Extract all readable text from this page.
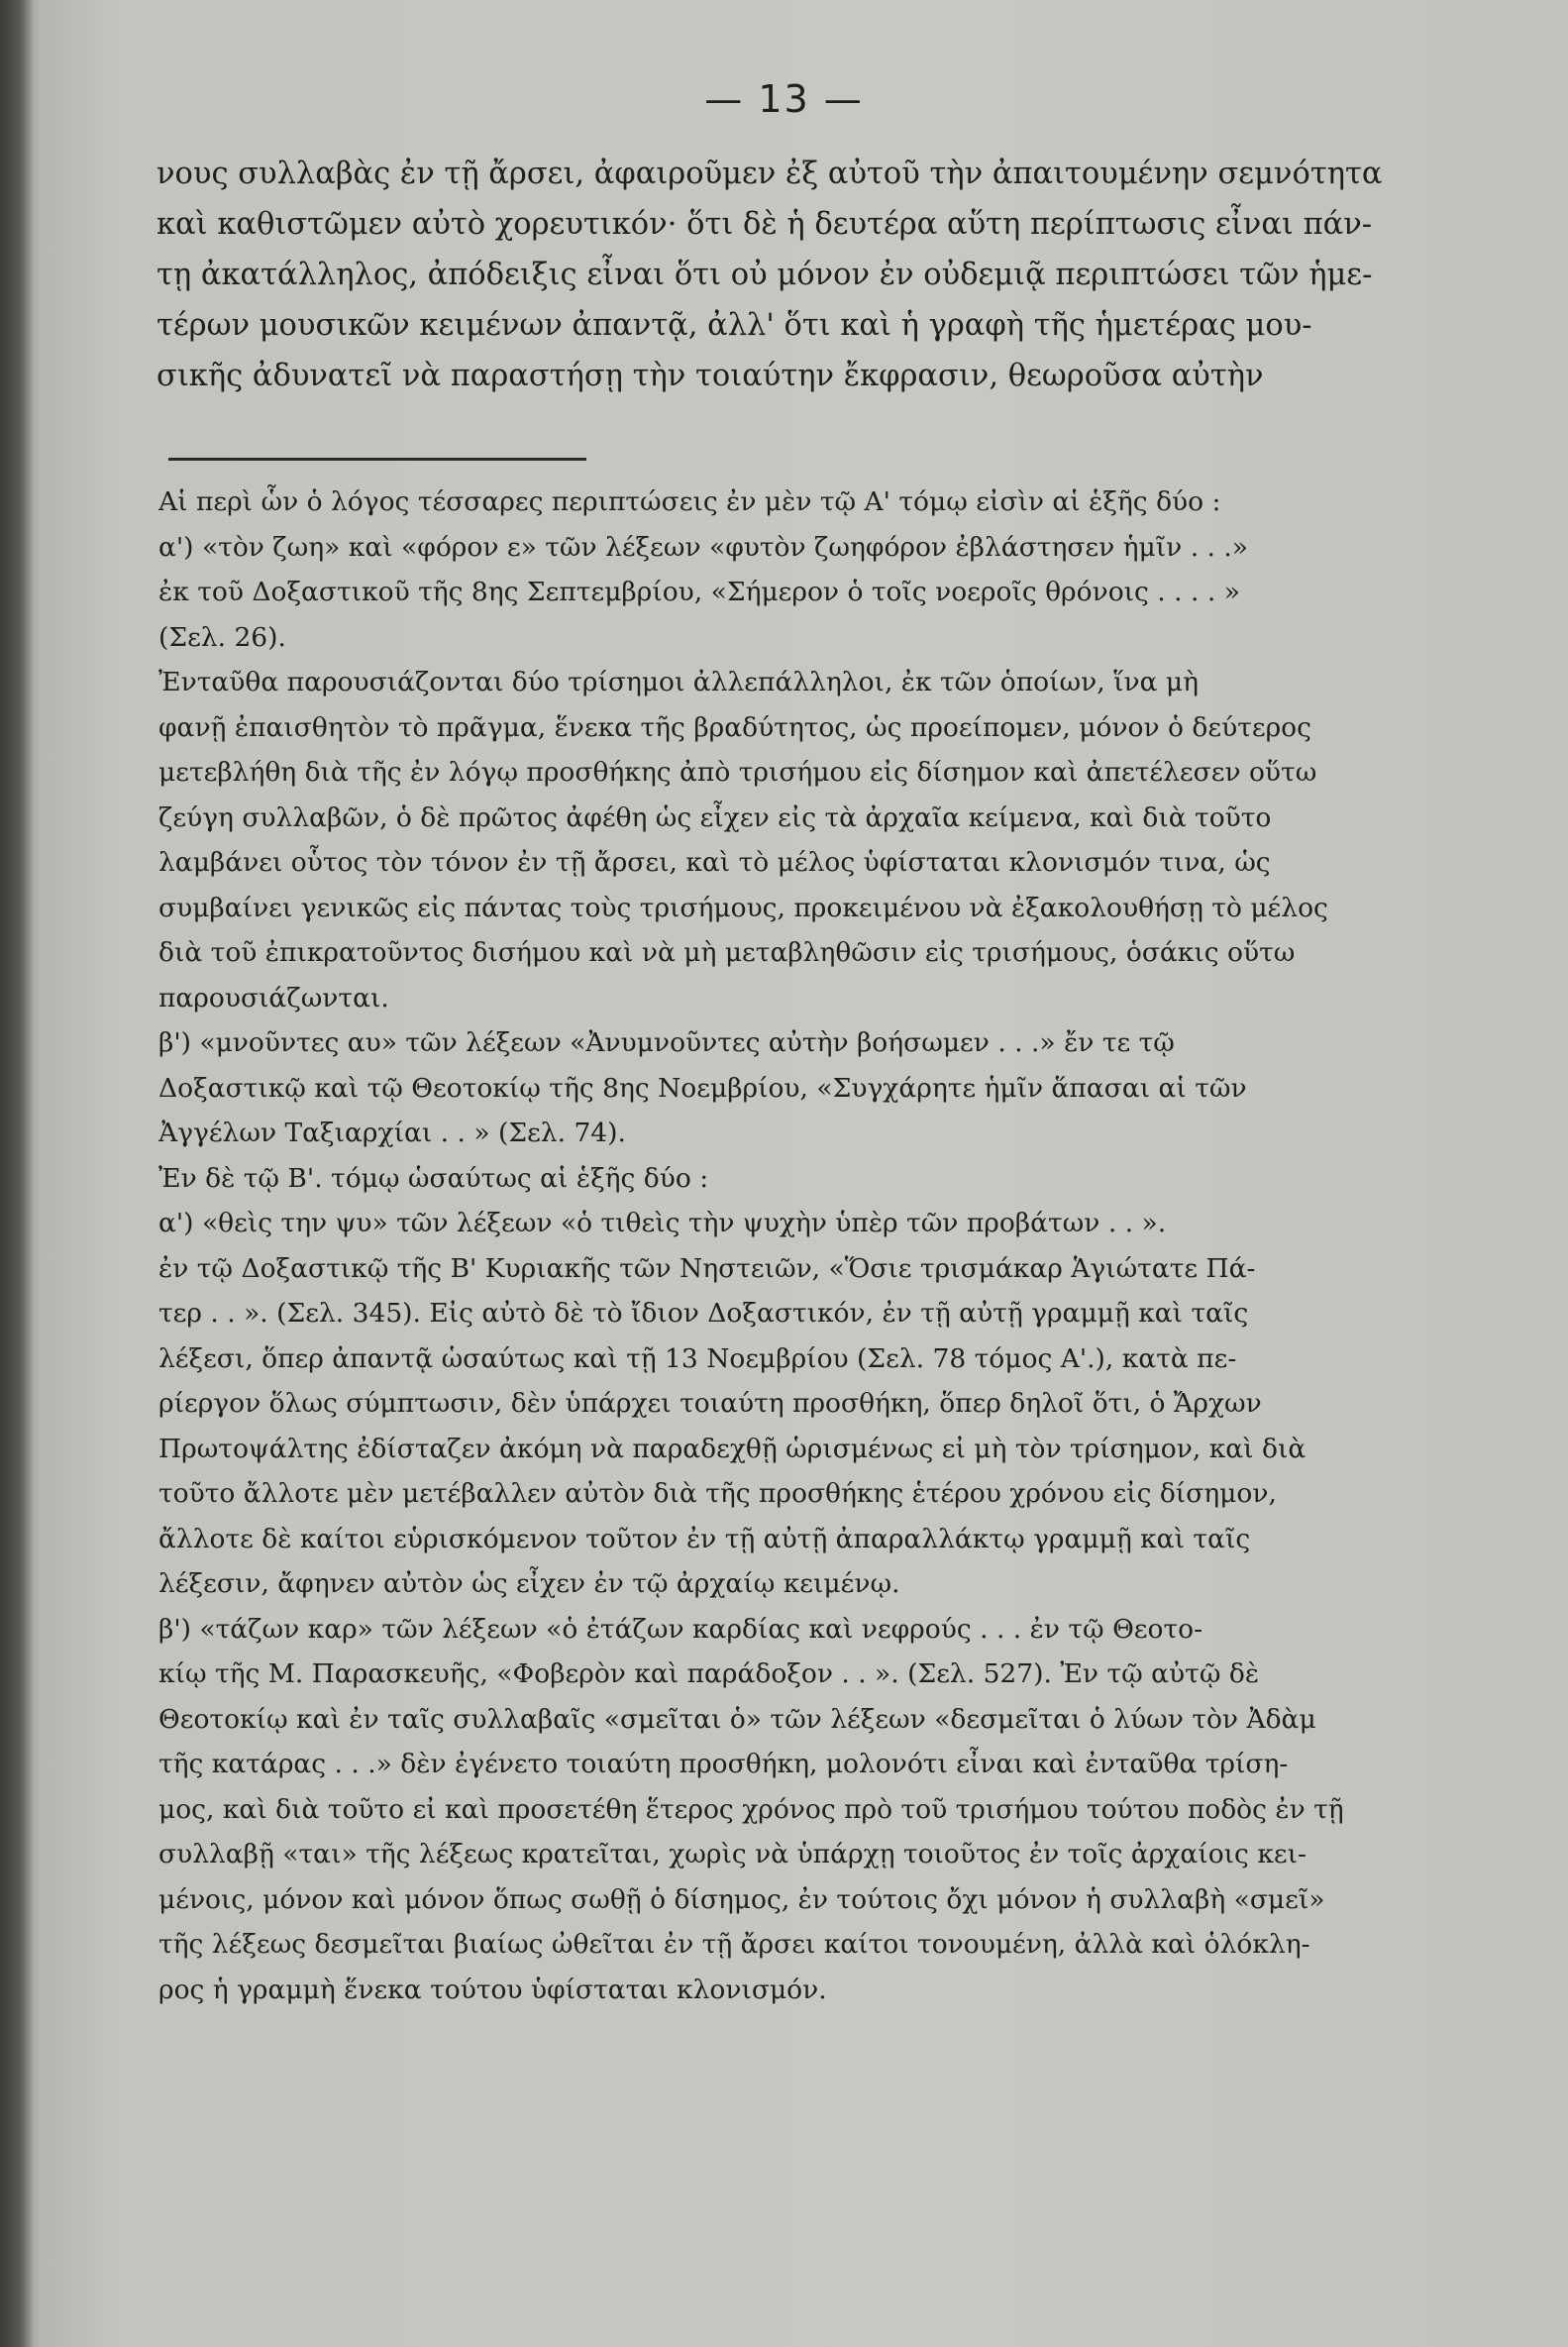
— 13 —
νους συλλαβὰς ἐν τῇ ἄρσει, ἀφαιροῦμεν ἐξ αὐτοῦ τὴν ἀπαιτουμένην σεμνότητα
καὶ καθιστῶμεν αὐτὸ χορευτικόν· ὅτι δὲ ἡ δευτέρα αὕτη περίπτωσις εἶναι πάν-
τῃ ἀκατάλληλος, ἀπόδειξις εἶναι ὅτι οὐ μόνον ἐν οὐδεμιᾷ περιπτώσει τῶν ἡμε-
τέρων μουσικῶν κειμένων ἀπαντᾷ, ἀλλ' ὅτι καὶ ἡ γραφὴ τῆς ἡμετέρας μου-
σικῆς ἀδυνατεῖ νὰ παραστήσῃ τὴν τοιαύτην ἔκφρασιν, θεωροῦσα αὐτὴν
Αἱ περὶ ὧν ὁ λόγος τέσσαρες περιπτώσεις ἐν μὲν τῷ Α' τόμῳ εἰσὶν αἱ ἑξῆς δύο :
α') «τὸν ζωη» καὶ «φόρον ε» τῶν λέξεων «φυτὸν ζωηφόρον ἐβλάστησεν ἡμῖν . . .»
ἐκ τοῦ Δοξαστικοῦ τῆς 8ης Σεπτεμβρίου, «Σήμερον ὁ τοῖς νοεροῖς θρόνοις . . . . »
(Σελ. 26).
Ἐνταῦθα παρουσιάζονται δύο τρίσημοι ἀλλεπάλληλοι, ἐκ τῶν ὁποίων, ἵνα μὴ
φανῇ ἐπαισθητὸν τὸ πρᾶγμα, ἕνεκα τῆς βραδύτητος, ὡς προείπομεν, μόνον ὁ δεύτερος
μετεβλήθη διὰ τῆς ἐν λόγῳ προσθήκης ἀπὸ τρισήμου εἰς δίσημον καὶ ἀπετέλεσεν οὕτω
ζεύγη συλλαβῶν, ὁ δὲ πρῶτος ἀφέθη ὡς εἶχεν εἰς τὰ ἀρχαῖα κείμενα, καὶ διὰ τοῦτο
λαμβάνει οὗτος τὸν τόνον ἐν τῇ ἄρσει, καὶ τὸ μέλος ὑφίσταται κλονισμόν τινα, ὡς
συμβαίνει γενικῶς εἰς πάντας τοὺς τρισήμους, προκειμένου νὰ ἐξακολουθήσῃ τὸ μέλος
διὰ τοῦ ἐπικρατοῦντος δισήμου καὶ νὰ μὴ μεταβληθῶσιν εἰς τρισήμους, ὁσάκις οὕτω
παρουσιάζωνται.
β') «μνοῦντες αυ» τῶν λέξεων «Ἀνυμνοῦντες αὐτὴν βοήσωμεν . . .» ἔν τε τῷ
Δοξαστικῷ καὶ τῷ Θεοτοκίῳ τῆς 8ης Νοεμβρίου, «Συγχάρητε ἡμῖν ἅπασαι αἱ τῶν
Ἀγγέλων Ταξιαρχίαι . . » (Σελ. 74).
Ἐν δὲ τῷ Β'. τόμῳ ὡσαύτως αἱ ἑξῆς δύο :
α') «θεὶς την ψυ» τῶν λέξεων «ὁ τιθεὶς τὴν ψυχὴν ὑπὲρ τῶν προβάτων . . ».
ἐν τῷ Δοξαστικῷ τῆς Β' Κυριακῆς τῶν Νηστειῶν, «Ὅσιε τρισμάκαρ Ἁγιώτατε Πά-
τερ . . ». (Σελ. 345). Εἰς αὐτὸ δὲ τὸ ἴδιον Δοξαστικόν, ἐν τῇ αὐτῇ γραμμῇ καὶ ταῖς
λέξεσι, ὅπερ ἀπαντᾷ ὡσαύτως καὶ τῇ 13 Νοεμβρίου (Σελ. 78 τόμος Α'.), κατὰ πε-
ρίεργον ὅλως σύμπτωσιν, δὲν ὑπάρχει τοιαύτη προσθήκη, ὅπερ δηλοῖ ὅτι, ὁ Ἄρχων
Πρωτοψάλτης ἐδίσταζεν ἀκόμη νὰ παραδεχθῇ ὡρισμένως εἰ μὴ τὸν τρίσημον, καὶ διὰ
τοῦτο ἄλλοτε μὲν μετέβαλλεν αὐτὸν διὰ τῆς προσθήκης ἑτέρου χρόνου εἰς δίσημον,
ἄλλοτε δὲ καίτοι εὑρισκόμενον τοῦτον ἐν τῇ αὐτῇ ἀπαραλλάκτῳ γραμμῇ καὶ ταῖς
λέξεσιν, ἄφηνεν αὐτὸν ὡς εἶχεν ἐν τῷ ἀρχαίῳ κειμένῳ.
β') «τάζων καρ» τῶν λέξεων «ὁ ἐτάζων καρδίας καὶ νεφρούς . . . ἐν τῷ Θεοτο-
κίῳ τῆς Μ. Παρασκευῆς, «Φοβερὸν καὶ παράδοξον . . ». (Σελ. 527). Ἐν τῷ αὐτῷ δὲ
Θεοτοκίῳ καὶ ἐν ταῖς συλλαβαῖς «σμεῖται ὁ» τῶν λέξεων «δεσμεῖται ὁ λύων τὸν Ἀδὰμ
τῆς κατάρας . . .» δὲν ἐγένετο τοιαύτη προσθήκη, μολονότι εἶναι καὶ ἐνταῦθα τρίση-
μος, καὶ διὰ τοῦτο εἰ καὶ προσετέθη ἕτερος χρόνος πρὸ τοῦ τρισήμου τούτου ποδὸς ἐν τῇ
συλλαβῇ «ται» τῆς λέξεως κρατεῖται, χωρὶς νὰ ὑπάρχῃ τοιοῦτος ἐν τοῖς ἀρχαίοις κει-
μένοις, μόνον καὶ μόνον ὅπως σωθῇ ὁ δίσημος, ἐν τούτοις ὄχι μόνον ἡ συλλαβὴ «σμεῖ»
τῆς λέξεως δεσμεῖται βιαίως ὠθεῖται ἐν τῇ ἄρσει καίτοι τονουμένη, ἀλλὰ καὶ ὁλόκλη-
ρος ἡ γραμμὴ ἕνεκα τούτου ὑφίσταται κλονισμόν.
